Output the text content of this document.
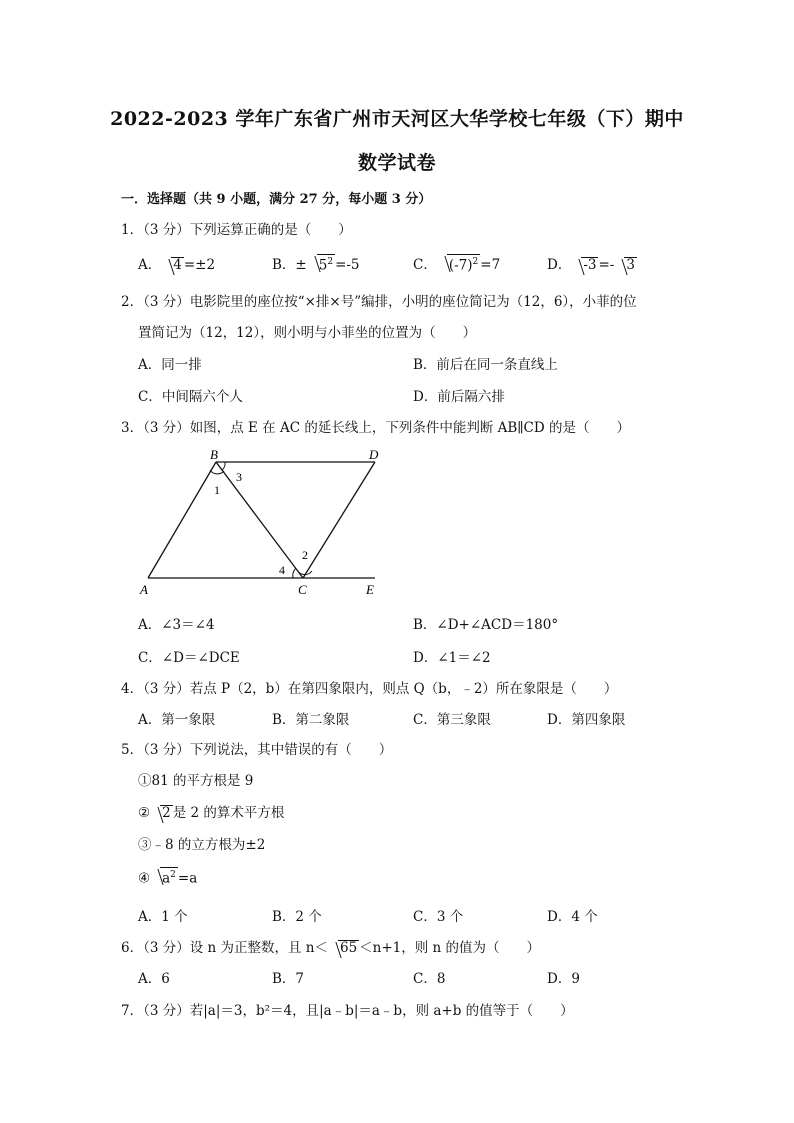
2022-2023 学年广东省广州市天河区大华学校七年级（下）期中
数学试卷
一．选择题（共 9 小题，满分 27 分，每小题 3 分）
1．（3 分）下列运算正确的是（　　）
A． 4 =±2	B．± $5^2 =-5$	C． $(-7)^2 =7$	D． -3 =- 3
2．（3 分）电影院里的座位按“×排×号”编排，小明的座位简记为（12，6），小菲的位
置简记为（12，12），则小明与小菲坐的位置为（　　）
A．同一排	B．前后在同一条直线上
C．中间隔六个人	D．前后隔六排
3．（3 分）如图，点 E 在 AC 的延长线上，下列条件中能判断 AB∥CD 的是（　　）
B	D
A	C	E
1
3
2
4
A．∠3＝∠4	B．∠D+∠ACD＝180°
C．∠D＝∠DCE	D．∠1＝∠2
4．（3 分）若点 P（2，b）在第四象限内，则点 Q（b，﹣2）所在象限是（　　）
A．第一象限	B．第二象限	C．第三象限	D．第四象限
5．（3 分）下列说法，其中错误的有（　　）
①81 的平方根是 9
② 2 是 2 的算术平方根
③﹣8 的立方根为±2
④ $a^2 =a$
A．1 个	B．2 个	C．3 个	D．4 个
6．（3 分）设 n 为正整数，且 n＜ 65 ＜n+1，则 n 的值为（　　）
A．6	B．7	C．8	D．9
7．（3 分）若|a|＝3，b²＝4，且|a﹣b|＝a﹣b，则 a+b 的值等于（　　）
